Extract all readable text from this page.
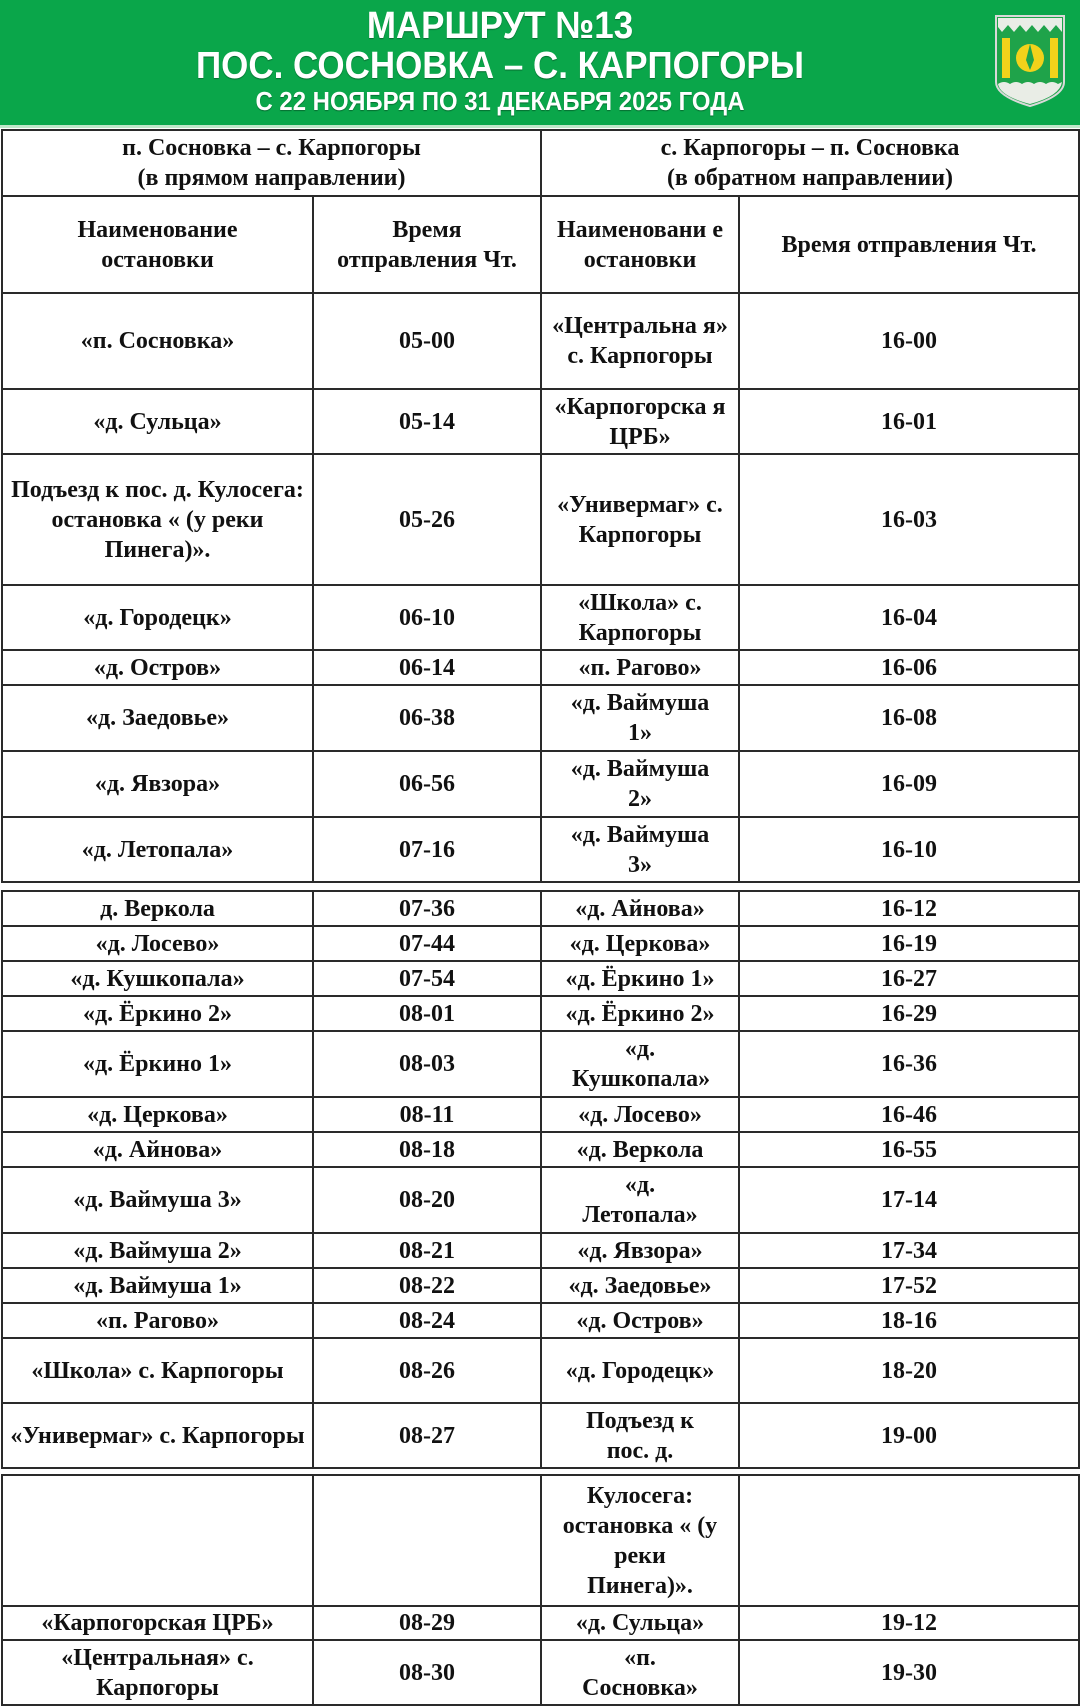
МАРШРУТ №13
ПОС. СОСНОВКА – С. КАРПОГОРЫ
С 22 НОЯБРЯ ПО 31 ДЕКАБРЯ 2025 ГОДА
п. Сосновка – с. Карпогоры
(в прямом направлении)

с. Карпогоры – п. Сосновка
(в обратном направлении)

Наименование остановки	Время отправления Чт.	Наименовани е остановки	Время отправления Чт.
«п. Сосновка»	05-00	«Центральна я» с. Карпогоры	16-00
«д. Сульца»	05-14	«Карпогорска я ЦРБ»	16-01
Подъезд к пос. д. Кулосега: остановка « (у реки Пинега)».	05-26	«Универмаг» с. Карпогоры	16-03
«д. Городецк»	06-10	«Школа» с. Карпогоры	16-04
«д. Остров»	06-14	«п. Рагово»	16-06
«д. Заедовье»	06-38	«д. Ваймуша 1»	16-08
«д. Явзора»	06-56	«д. Ваймуша 2»	16-09
«д. Летопала»	07-16	«д. Ваймуша 3»	16-10
д. Веркола	07-36	«д. Айнова»	16-12
«д. Лосево»	07-44	«д. Церкова»	16-19
«д. Кушкопала»	07-54	«д. Ёркино 1»	16-27
«д. Ёркино 2»	08-01	«д. Ёркино 2»	16-29
«д. Ёркино 1»	08-03	«д. Кушкопала»	16-36
«д. Церкова»	08-11	«д. Лосево»	16-46
«д. Айнова»	08-18	«д. Веркола	16-55
«д. Ваймуша 3»	08-20	«д. Летопала»	17-14
«д. Ваймуша 2»	08-21	«д. Явзора»	17-34
«д. Ваймуша 1»	08-22	«д. Заедовье»	17-52
«п. Рагово»	08-24	«д. Остров»	18-16
«Школа» с. Карпогоры	08-26	«д. Городецк»	18-20
«Универмаг» с. Карпогоры	08-27	Подъезд к пос. д.	19-00
		Кулосега: остановка « (у реки Пинега)».	
«Карпогорская ЦРБ»	08-29	«д. Сульца»	19-12
«Центральная» с. Карпогоры	08-30	«п. Сосновка»	19-30
